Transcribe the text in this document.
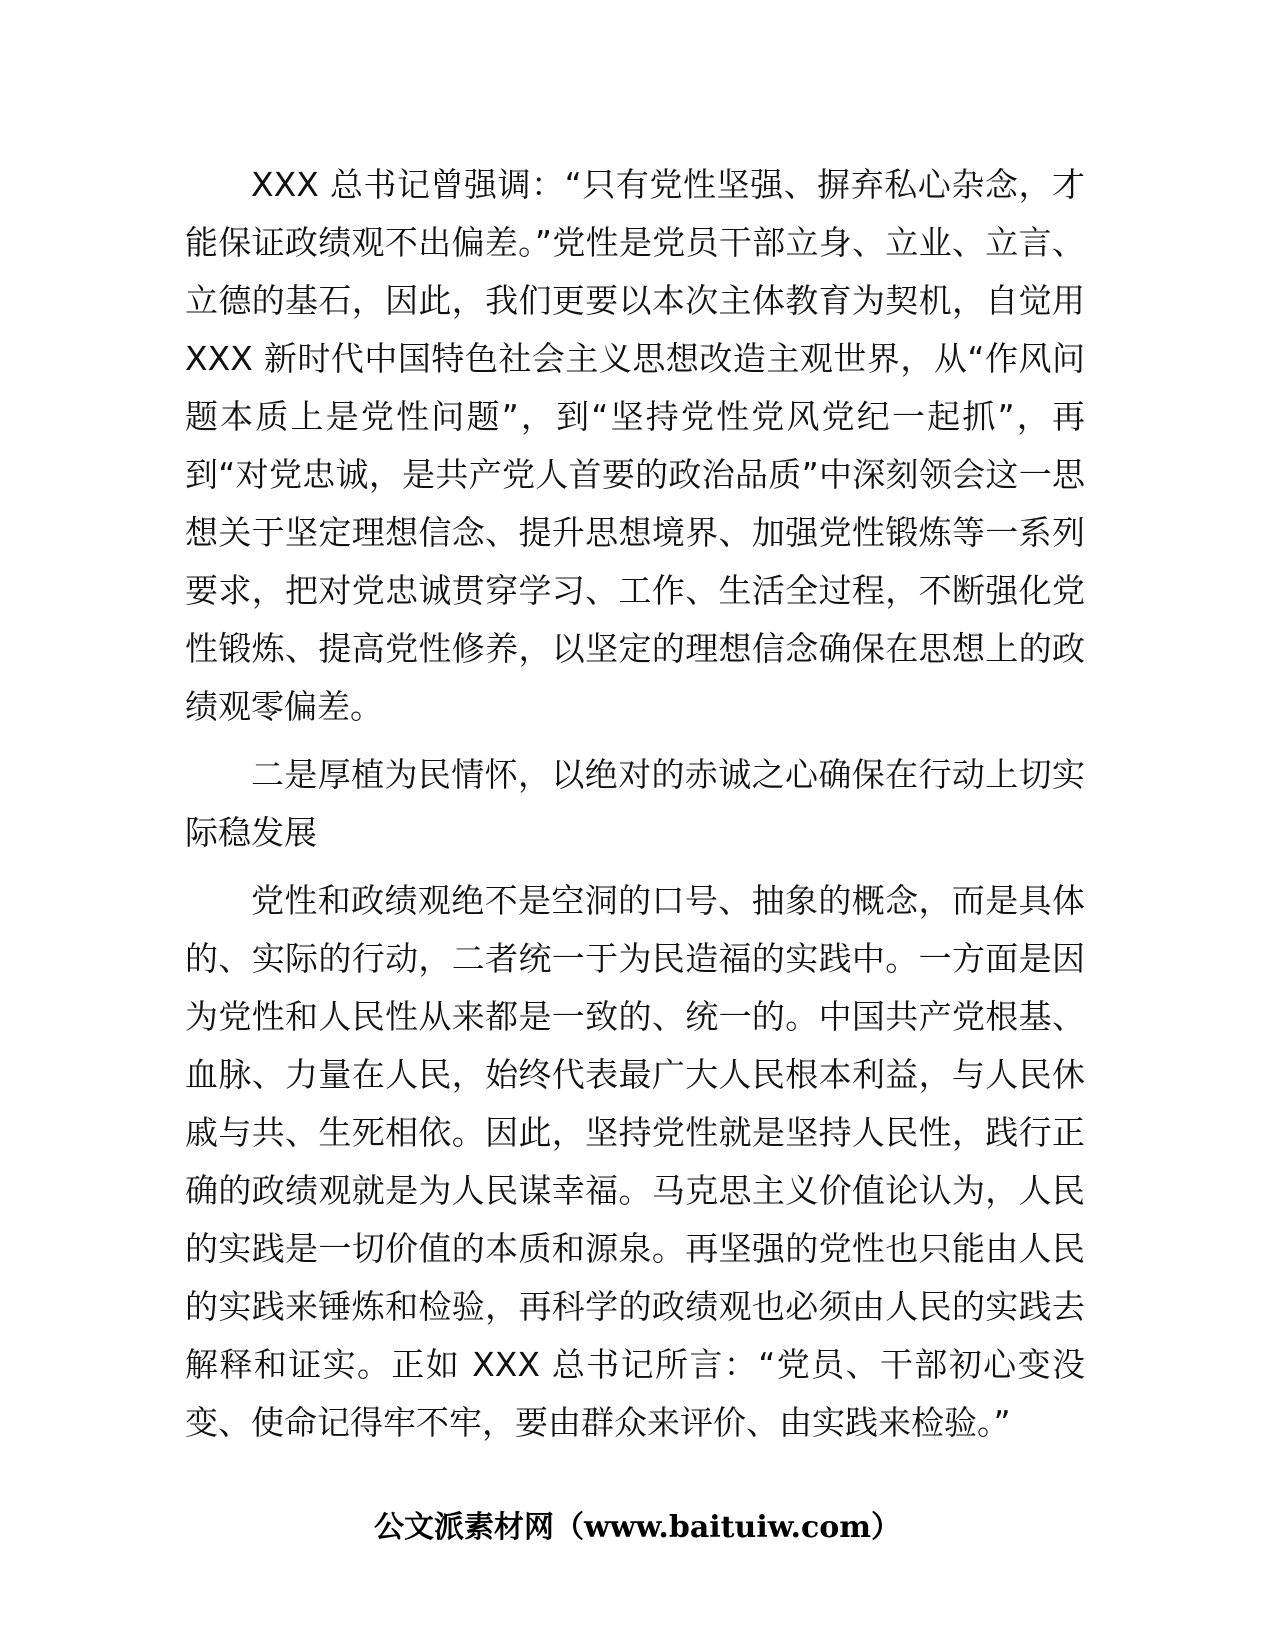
XXX 总书记曾强调：“只有党性坚强、摒弃私心杂念，才能保证政绩观不出偏差。”党性是党员干部立身、立业、立言、立德的基石，因此，我们更要以本次主体教育为契机，自觉用 XXX 新时代中国特色社会主义思想改造主观世界，从“作风问题本质上是党性问题”，到“坚持党性党风党纪一起抓”，再到“对党忠诚，是共产党人首要的政治品质”中深刻领会这一思想关于坚定理想信念、提升思想境界、加强党性锻炼等一系列要求，把对党忠诚贯穿学习、工作、生活全过程，不断强化党性锻炼、提高党性修养，以坚定的理想信念确保在思想上的政绩观零偏差。

二是厚植为民情怀，以绝对的赤诚之心确保在行动上切实际稳发展

党性和政绩观绝不是空洞的口号、抽象的概念，而是具体的、实际的行动，二者统一于为民造福的实践中。一方面是因为党性和人民性从来都是一致的、统一的。中国共产党根基、血脉、力量在人民，始终代表最广大人民根本利益，与人民休戚与共、生死相依。因此，坚持党性就是坚持人民性，践行正确的政绩观就是为人民谋幸福。马克思主义价值论认为，人民的实践是一切价值的本质和源泉。再坚强的党性也只能由人民的实践来锤炼和检验，再科学的政绩观也必须由人民的实践去解释和证实。正如 XXX 总书记所言：“党员、干部初心变没变、使命记得牢不牢，要由群众来评价、由实践来检验。”

公文派素材网（www.baituiw.com）
